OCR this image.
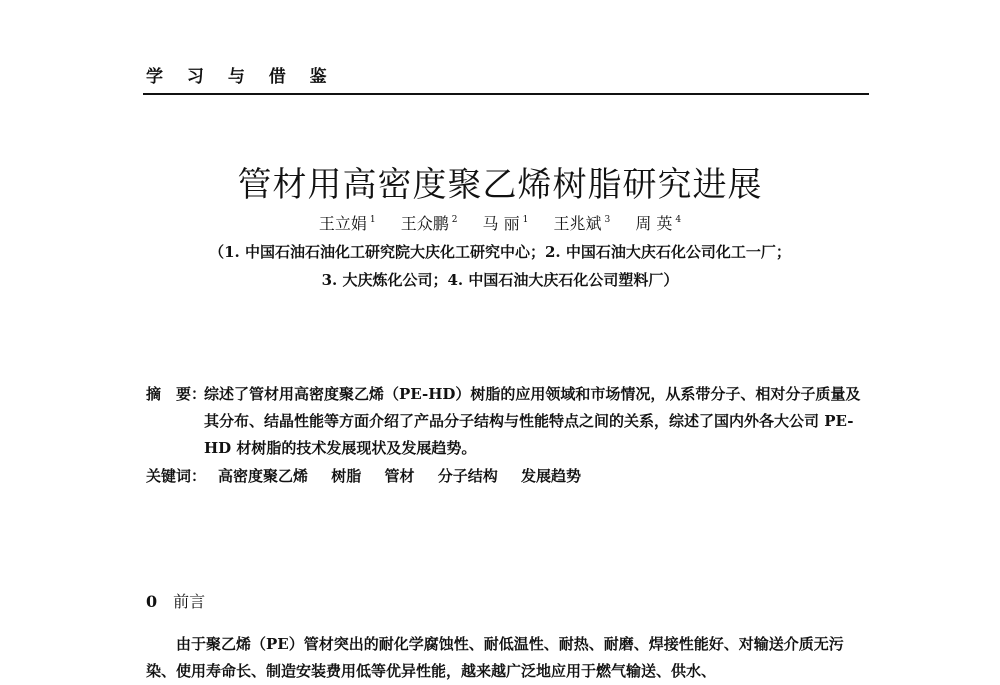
学 习 与 借 鉴
管材用高密度聚乙烯树脂研究进展
王立娟 $^1$ 王众鹏 $^2$ 马 丽 $^1$ 王兆斌 $^3$ 周 英 $^4$
（1. 中国石油石油化工研究院大庆化工研究中心；2. 中国石油大庆石化公司化工一厂；
3. 大庆炼化公司；4. 中国石油大庆石化公司塑料厂）
摘　要：
综述了管材用高密度聚乙烯（PE-HD）树脂的应用领域和市场情况，从系带分子、相对分子质量及其分布、结晶性能等方面介绍了产品分子结构与性能特点之间的关系，综述了国内外各大公司 PE-HD 材树脂的技术发展现状及发展趋势。
关键词： 高密度聚乙烯 树脂 管材 分子结构 发展趋势
0 前言
由于聚乙烯（PE）管材突出的耐化学腐蚀性、耐低温性、耐热、耐磨、焊接性能好、对输送介质无污染、使用寿命长、制造安装费用低等优异性能，越来越广泛地应用于燃气输送、供水、
